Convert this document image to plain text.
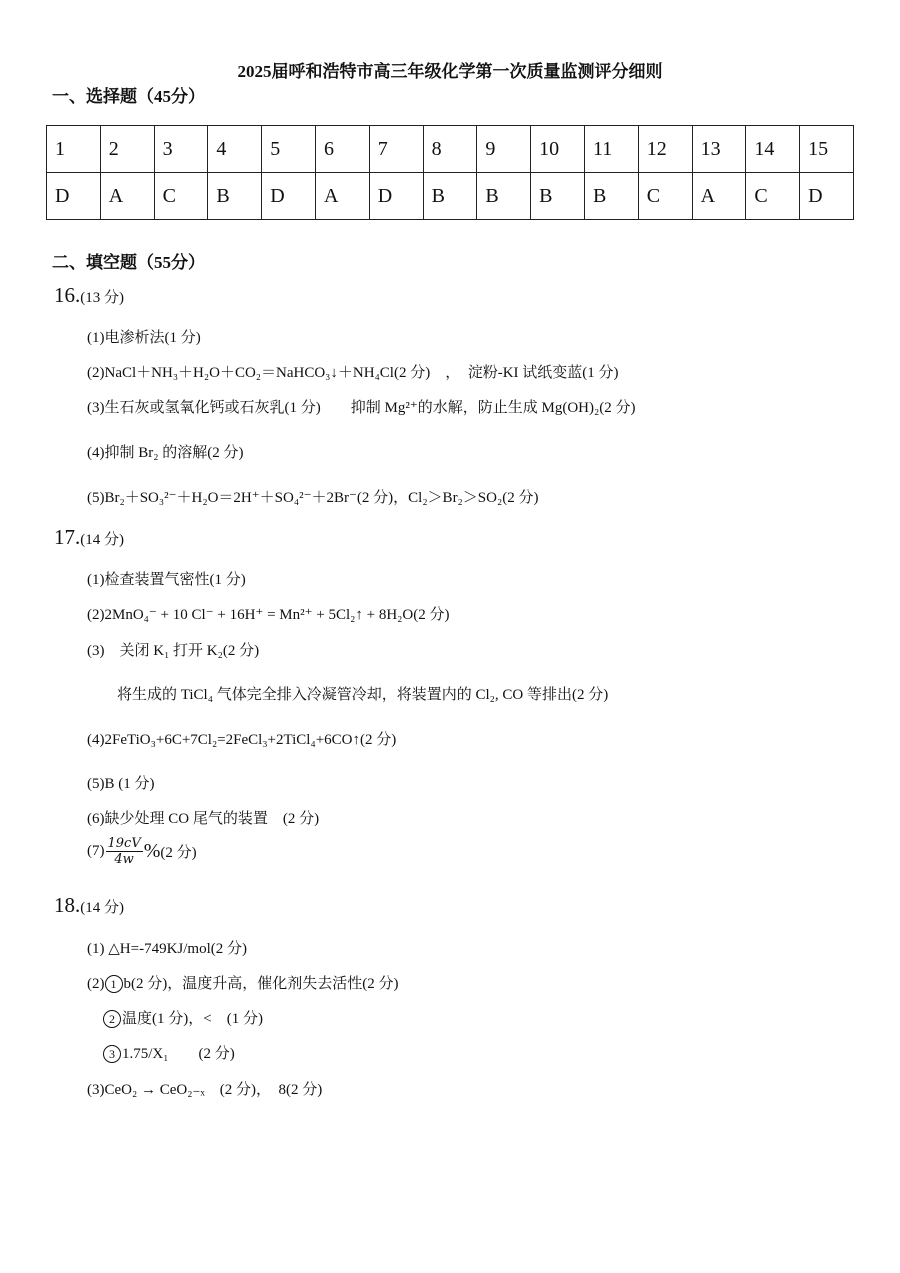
2025届呼和浩特市高三年级化学第一次质量监测评分细则
一、选择题（45分）
1	2	3	4	5	6	7	8	9	10	11	12	13	14	15
D	A	C	B	D	A	D	B	B	B	B	C	A	C	D
二、填空题（55分）
16.(13 分)
(1)电渗析法(1 分)
(2)NaCl＋NH₃＋H₂O＋CO₂＝NaHCO₃↓＋NH₄Cl(2 分)　，　淀粉-KI 试纸变蓝(1 分)
(3)生石灰或氢氧化钙或石灰乳(1 分)　　抑制 Mg²⁺的水解，防止生成 Mg(OH)₂(2 分)
(4)抑制 Br₂ 的溶解(2 分)
(5)Br₂＋SO₃²⁻＋H₂O＝2H⁺＋SO₄²⁻＋2Br⁻(2 分)，Cl₂＞Br₂＞SO₂(2 分)
17.(14 分)
(1)检查装置气密性(1 分)
(2)2MnO₄⁻ + 10 Cl⁻ + 16H⁺ = Mn²⁺ + 5Cl₂↑ + 8H₂O(2 分)
(3)　关闭 K₁ 打开 K₂(2 分)
将生成的 TiCl₄ 气体完全排入冷凝管冷却，将装置内的 Cl₂, CO 等排出(2 分)
(4)2FeTiO₃+6C+7Cl₂=2FeCl₃+2TiCl₄+6CO↑(2 分)
(5)B (1 分)
(6)缺少处理 CO 尾气的装置　(2 分)
$(7) \frac{19cV}{4w} \%(2$ 分)
18.(14 分)
(1) △H=-749KJ/mol(2 分)
(2) 1 b(2 分)，温度升高，催化剂失去活性(2 分)
2 温度(1 分)，<　(1 分)
3 1.75/X₁　　(2 分)
(3)CeO₂ → CeO₂₋ₓ　(2 分)，　8(2 分)
